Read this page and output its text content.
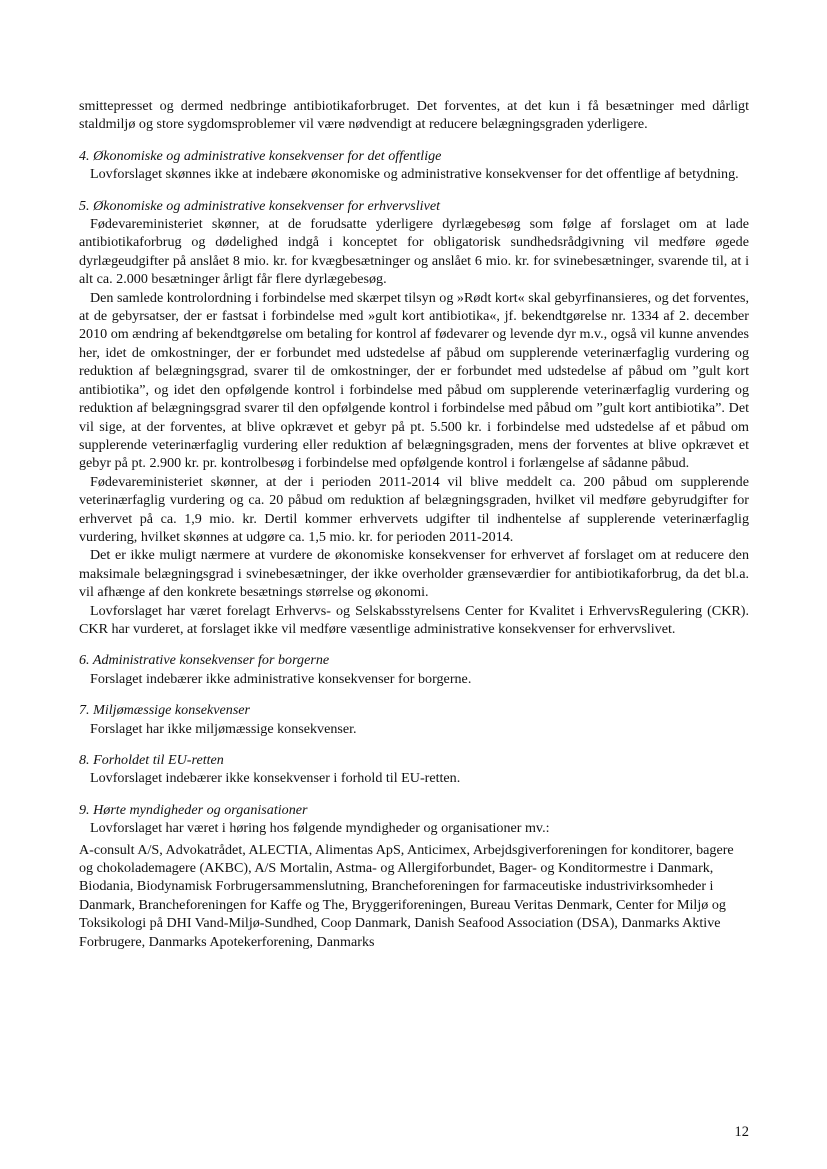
smittepresset og dermed nedbringe antibiotikaforbruget. Det forventes, at det kun i få besætninger med dårligt staldmiljø og store sygdomsproblemer vil være nødvendigt at reducere belægningsgraden yderligere.

4. Økonomiske og administrative konsekvenser for det offentlige

Lovforslaget skønnes ikke at indebære økonomiske og administrative konsekvenser for det offentlige af betydning.

5. Økonomiske og administrative konsekvenser for erhvervslivet

Fødevareministeriet skønner, at de forudsatte yderligere dyrlægebesøg som følge af forslaget om at lade antibiotikaforbrug og dødelighed indgå i konceptet for obligatorisk sundhedsrådgivning vil medføre øgede dyrlægeudgifter på anslået 8 mio. kr. for kvægbesætninger og anslået 6 mio. kr. for svinebesætninger, svarende til, at i alt ca. 2.000 besætninger årligt får flere dyrlægebesøg.

Den samlede kontrolordning i forbindelse med skærpet tilsyn og »Rødt kort« skal gebyrfinansieres, og det forventes, at de gebyrsatser, der er fastsat i forbindelse med »gult kort antibiotika«, jf. bekendtgørelse nr. 1334 af 2. december 2010 om ændring af bekendtgørelse om betaling for kontrol af fødevarer og levende dyr m.v., også vil kunne anvendes her, idet de omkostninger, der er forbundet med udstedelse af påbud om supplerende veterinærfaglig vurdering og reduktion af belægningsgrad, svarer til de omkostninger, der er forbundet med udstedelse af påbud om ”gult kort antibiotika”, og idet den opfølgende kontrol i forbindelse med påbud om supplerende veterinærfaglig vurdering og reduktion af belægningsgrad svarer til den opfølgende kontrol i forbindelse med påbud om ”gult kort antibiotika”. Det vil sige, at der forventes, at blive opkrævet et gebyr på pt. 5.500 kr. i forbindelse med udstedelse af et påbud om supplerende veterinærfaglig vurdering eller reduktion af belægningsgraden, mens der forventes at blive opkrævet et gebyr på pt. 2.900 kr. pr. kontrolbesøg i forbindelse med opfølgende kontrol i forlængelse af sådanne påbud.

Fødevareministeriet skønner, at der i perioden 2011-2014 vil blive meddelt ca. 200 påbud om supplerende veterinærfaglig vurdering og ca. 20 påbud om reduktion af belægningsgraden, hvilket vil medføre gebyrudgifter for erhvervet på ca. 1,9 mio. kr. Dertil kommer erhvervets udgifter til indhentelse af supplerende veterinærfaglig vurdering, hvilket skønnes at udgøre ca. 1,5 mio. kr. for perioden 2011-2014.

Det er ikke muligt nærmere at vurdere de økonomiske konsekvenser for erhvervet af forslaget om at reducere den maksimale belægningsgrad i svinebesætninger, der ikke overholder grænseværdier for antibiotikaforbrug, da det bl.a. vil afhænge af den konkrete besætnings størrelse og økonomi.

Lovforslaget har været forelagt Erhvervs- og Selskabsstyrelsens Center for Kvalitet i ErhvervsRegulering (CKR). CKR har vurderet, at forslaget ikke vil medføre væsentlige administrative konsekvenser for erhvervslivet.

6. Administrative konsekvenser for borgerne

Forslaget indebærer ikke administrative konsekvenser for borgerne.

7. Miljømæssige konsekvenser

Forslaget har ikke miljømæssige konsekvenser.

8. Forholdet til EU-retten

Lovforslaget indebærer ikke konsekvenser i forhold til EU-retten.

9. Hørte myndigheder og organisationer

Lovforslaget har været i høring hos følgende myndigheder og organisationer mv.:

A-consult A/S, Advokatrådet, ALECTIA, Alimentas ApS, Anticimex, Arbejdsgiverforeningen for konditorer, bagere og chokolademagere (AKBC), A/S Mortalin, Astma- og Allergiforbundet, Bager- og Konditormestre i Danmark, Biodania, Biodynamisk Forbrugersammenslutning, Brancheforeningen for farmaceutiske industrivirksomheder i Danmark, Brancheforeningen for Kaffe og The, Bryggeriforeningen, Bureau Veritas Denmark, Center for Miljø og Toksikologi på DHI Vand-Miljø-Sundhed, Coop Danmark, Danish Seafood Association (DSA), Danmarks Aktive Forbrugere, Danmarks Apotekerforening, Danmarks

12
